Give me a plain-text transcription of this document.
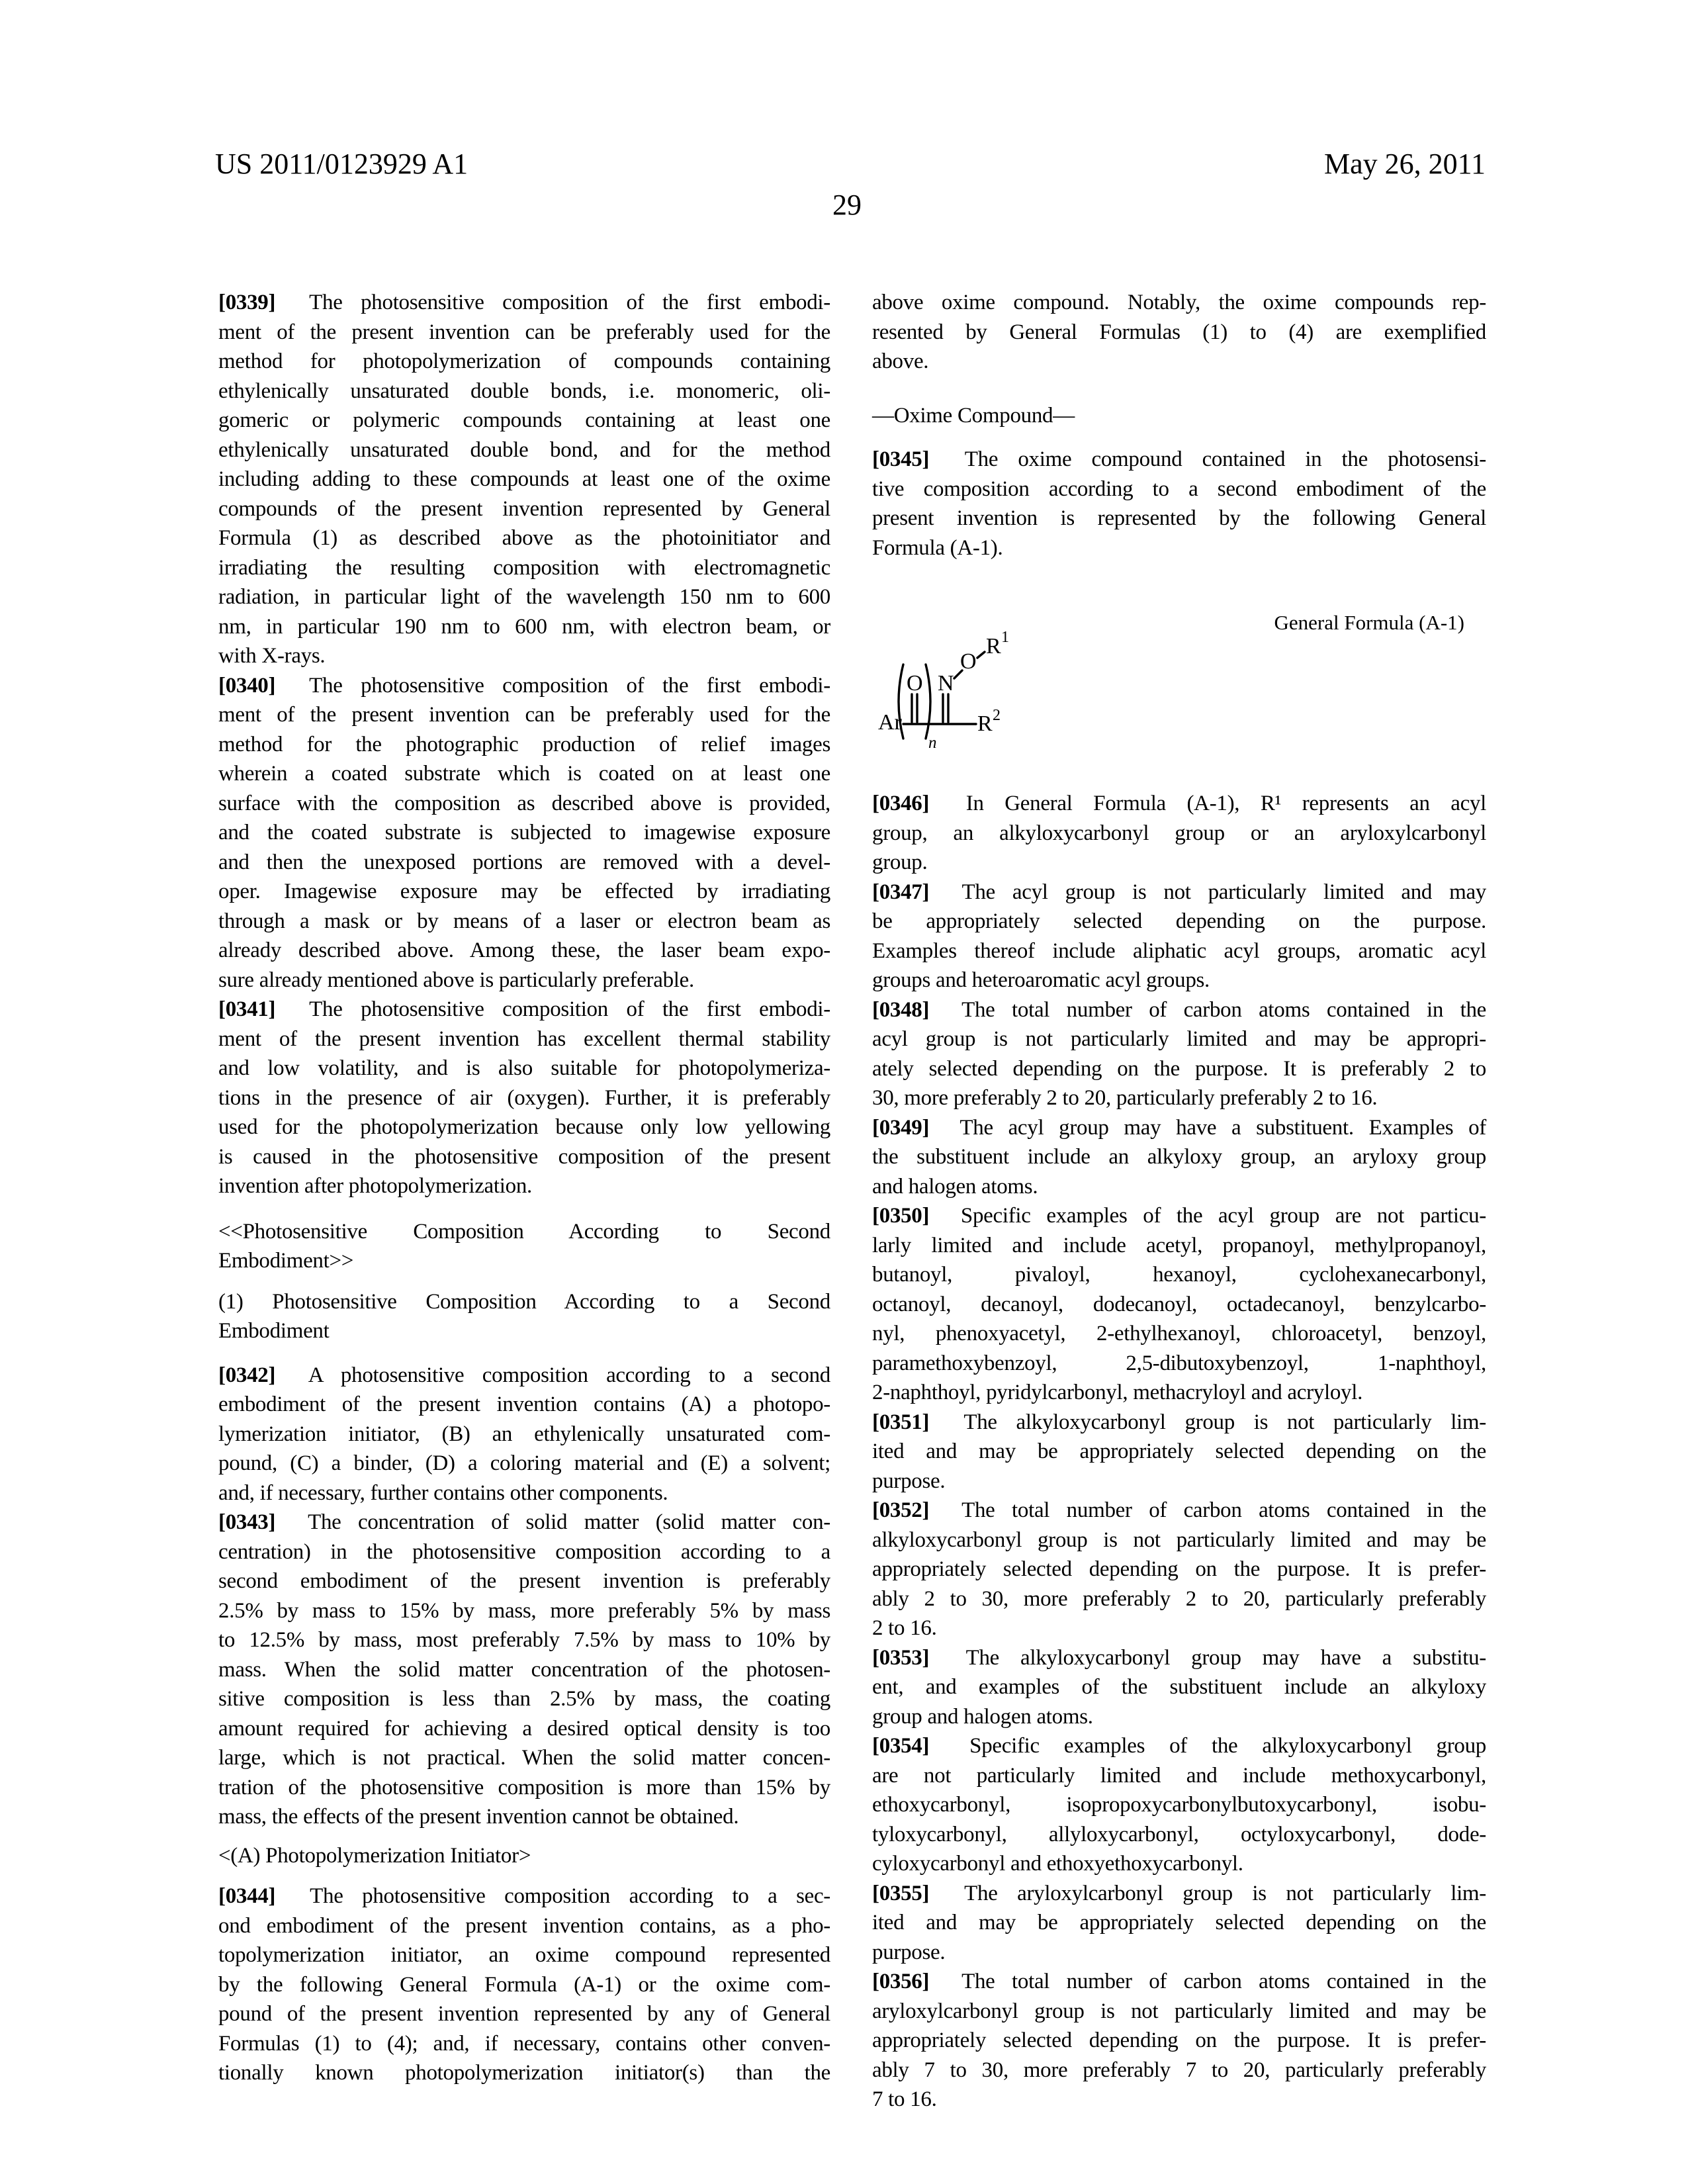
US 2011/0123929 A1	May 26, 2011
29
[0339] The photosensitive composition of the first embodi-
ment of the present invention can be preferably used for the
method for photopolymerization of compounds containing
ethylenically unsaturated double bonds, i.e. monomeric, oli-
gomeric or polymeric compounds containing at least one
ethylenically unsaturated double bond, and for the method
including adding to these compounds at least one of the oxime
compounds of the present invention represented by General
Formula (1) as described above as the photoinitiator and
irradiating the resulting composition with electromagnetic
radiation, in particular light of the wavelength 150 nm to 600
nm, in particular 190 nm to 600 nm, with electron beam, or
with X-rays.
[0340] The photosensitive composition of the first embodi-
ment of the present invention can be preferably used for the
method for the photographic production of relief images
wherein a coated substrate which is coated on at least one
surface with the composition as described above is provided,
and the coated substrate is subjected to imagewise exposure
and then the unexposed portions are removed with a devel-
oper. Imagewise exposure may be effected by irradiating
through a mask or by means of a laser or electron beam as
already described above. Among these, the laser beam expo-
sure already mentioned above is particularly preferable.
[0341] The photosensitive composition of the first embodi-
ment of the present invention has excellent thermal stability
and low volatility, and is also suitable for photopolymeriza-
tions in the presence of air (oxygen). Further, it is preferably
used for the photopolymerization because only low yellowing
is caused in the photosensitive composition of the present
invention after photopolymerization.
<<Photosensitive Composition According to Second
Embodiment>>
(1) Photosensitive Composition According to a Second
Embodiment
[0342] A photosensitive composition according to a second
embodiment of the present invention contains (A) a photopo-
lymerization initiator, (B) an ethylenically unsaturated com-
pound, (C) a binder, (D) a coloring material and (E) a solvent;
and, if necessary, further contains other components.
[0343] The concentration of solid matter (solid matter con-
centration) in the photosensitive composition according to a
second embodiment of the present invention is preferably
2.5% by mass to 15% by mass, more preferably 5% by mass
to 12.5% by mass, most preferably 7.5% by mass to 10% by
mass. When the solid matter concentration of the photosen-
sitive composition is less than 2.5% by mass, the coating
amount required for achieving a desired optical density is too
large, which is not practical. When the solid matter concen-
tration of the photosensitive composition is more than 15% by
mass, the effects of the present invention cannot be obtained.
<(A) Photopolymerization Initiator>
[0344] The photosensitive composition according to a sec-
ond embodiment of the present invention contains, as a pho-
topolymerization initiator, an oxime compound represented
by the following General Formula (A-1) or the oxime com-
pound of the present invention represented by any of General
Formulas (1) to (4); and, if necessary, contains other conven-
tionally known photopolymerization initiator(s) than the
above oxime compound. Notably, the oxime compounds rep-
resented by General Formulas (1) to (4) are exemplified
above.
—Oxime Compound—
[0345] The oxime compound contained in the photosensi-
tive composition according to a second embodiment of the
present invention is represented by the following General
Formula (A-1).
[0346] In General Formula (A-1), R¹ represents an acyl
group, an alkyloxycarbonyl group or an aryloxylcarbonyl
group.
[0347] The acyl group is not particularly limited and may
be appropriately selected depending on the purpose.
Examples thereof include aliphatic acyl groups, aromatic acyl
groups and heteroaromatic acyl groups.
[0348] The total number of carbon atoms contained in the
acyl group is not particularly limited and may be appropri-
ately selected depending on the purpose. It is preferably 2 to
30, more preferably 2 to 20, particularly preferably 2 to 16.
[0349] The acyl group may have a substituent. Examples of
the substituent include an alkyloxy group, an aryloxy group
and halogen atoms.
[0350] Specific examples of the acyl group are not particu-
larly limited and include acetyl, propanoyl, methylpropanoyl,
butanoyl, pivaloyl, hexanoyl, cyclohexanecarbonyl,
octanoyl, decanoyl, dodecanoyl, octadecanoyl, benzylcarbo-
nyl, phenoxyacetyl, 2-ethylhexanoyl, chloroacetyl, benzoyl,
paramethoxybenzoyl, 2,5-dibutoxybenzoyl, 1-naphthoyl,
2-naphthoyl, pyridylcarbonyl, methacryloyl and acryloyl.
[0351] The alkyloxycarbonyl group is not particularly lim-
ited and may be appropriately selected depending on the
purpose.
[0352] The total number of carbon atoms contained in the
alkyloxycarbonyl group is not particularly limited and may be
appropriately selected depending on the purpose. It is prefer-
ably 2 to 30, more preferably 2 to 20, particularly preferably
2 to 16.
[0353] The alkyloxycarbonyl group may have a substitu-
ent, and examples of the substituent include an alkyloxy
group and halogen atoms.
[0354] Specific examples of the alkyloxycarbonyl group
are not particularly limited and include methoxycarbonyl,
ethoxycarbonyl, isopropoxycarbonylbutoxycarbonyl, isobu-
tyloxycarbonyl, allyloxycarbonyl, octyloxycarbonyl, dode-
cyloxycarbonyl and ethoxyethoxycarbonyl.
[0355] The aryloxylcarbonyl group is not particularly lim-
ited and may be appropriately selected depending on the
purpose.
[0356] The total number of carbon atoms contained in the
aryloxylcarbonyl group is not particularly limited and may be
appropriately selected depending on the purpose. It is prefer-
ably 7 to 30, more preferably 7 to 20, particularly preferably
7 to 16.
General Formula (A-1)
Ar
O N
O
R 1
R 2
n
